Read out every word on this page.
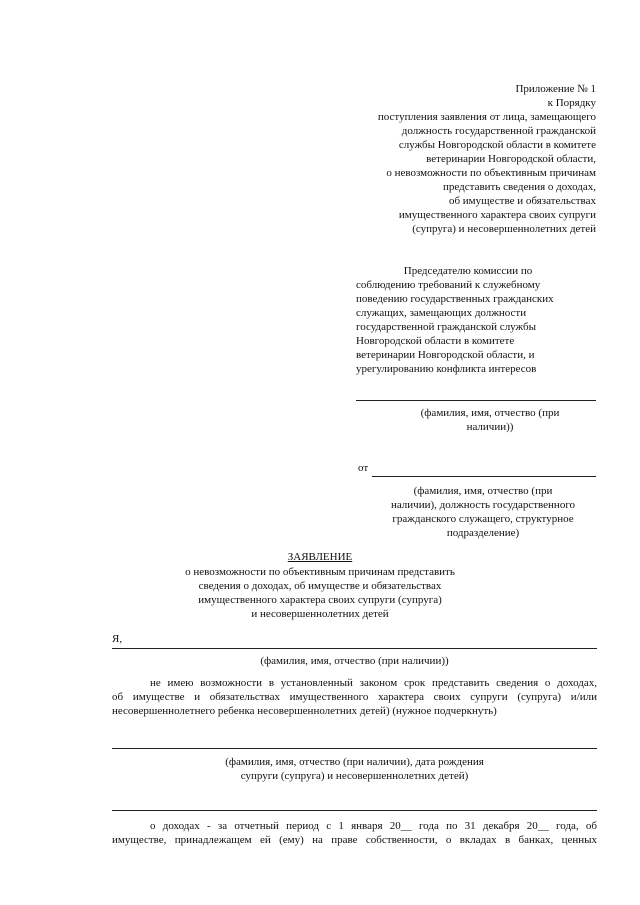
Приложение № 1
к Порядку
поступления заявления от лица, замещающего
должность государственной гражданской
службы Новгородской области в комитете
ветеринарии Новгородской области,
о невозможности по объективным причинам
представить сведения о доходах,
об имуществе и обязательствах
имущественного характера своих супруги
(супруга) и несовершеннолетних детей
Председателю комиссии по
соблюдению требований к служебному
поведению государственных гражданских
служащих, замещающих должности
государственной гражданской службы
Новгородской области в комитете
ветеринарии Новгородской области, и
урегулированию конфликта интересов
(фамилия, имя, отчество (при
наличии))
от
(фамилия, имя, отчество (при
наличии), должность государственного
гражданского служащего, структурное
подразделение)
ЗАЯВЛЕНИЕ
о невозможности по объективным причинам представить
сведения о доходах, об имуществе и обязательствах
имущественного характера своих супруги (супруга)
и несовершеннолетних детей
Я,
(фамилия, имя, отчество (при наличии))
не имею возможности в установленный законом срок представить сведения о доходах,
об имуществе и обязательствах имущественного характера своих супруги (супруга) и/или
несовершеннолетнего ребенка несовершеннолетних детей) (нужное подчеркнуть)
(фамилия, имя, отчество (при наличии), дата рождения
супруги (супруга) и несовершеннолетних детей)
о доходах - за отчетный период с 1 января 20__ года по 31 декабря 20__ года, об
имуществе, принадлежащем ей (ему) на праве собственности, о вкладах в банках, ценных
